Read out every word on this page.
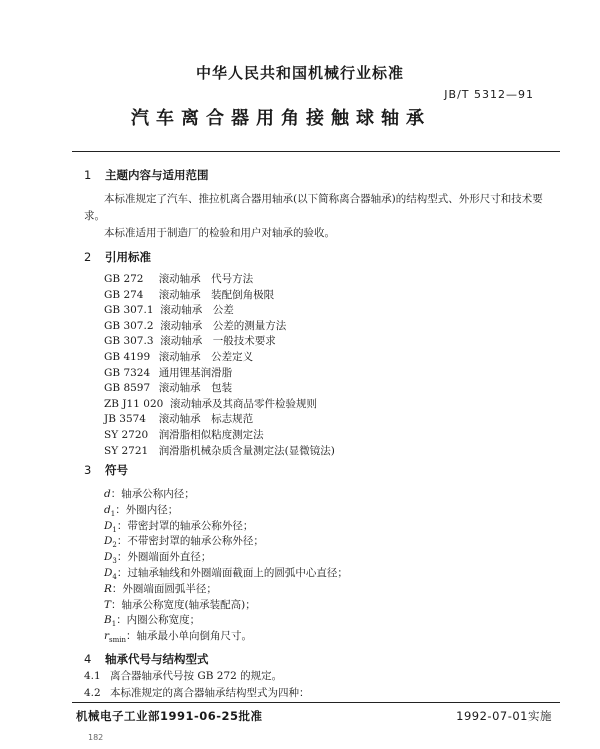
中华人民共和国机械行业标准
JB/T 5312—91
汽车离合器用角接触球轴承
1 主题内容与适用范围
本标准规定了汽车、推拉机离合器用轴承(以下简称离合器轴承)的结构型式、外形尺寸和技术要
求。
本标准适用于制造厂的检验和用户对轴承的验收。
2 引用标准
GB 272 滚动轴承　代号方法
GB 274 滚动轴承　装配倒角极限
GB 307.1 滚动轴承　公差
GB 307.2 滚动轴承　公差的测量方法
GB 307.3 滚动轴承　一般技术要求
GB 4199 滚动轴承　公差定义
GB 7324 通用锂基润滑脂
GB 8597 滚动轴承　包装
ZB J11 020 滚动轴承及其商品零件检验规则
JB 3574 滚动轴承　标志规范
SY 2720 润滑脂相似粘度测定法
SY 2721 润滑脂机械杂质含量测定法(显微镜法)
3 符号
d：轴承公称内径；
$d_1$：外圈内径；
$D_1$：带密封罩的轴承公称外径；
$D_2$：不带密封罩的轴承公称外径；
$D_3$：外圈端面外直径；
$D_4$：过轴承轴线和外圈端面截面上的圆弧中心直径；
R：外圈端面圆弧半径；
T：轴承公称宽度(轴承装配高)；
$B_1$：内圈公称宽度；
$r_{smin}$：轴承最小单向倒角尺寸。
4 轴承代号与结构型式
4.1 离合器轴承代号按 GB 272 的规定。
4.2 本标准规定的离合器轴承结构型式为四种：
机械电子工业部1991-06-25批准	1992-07-01实施
182
